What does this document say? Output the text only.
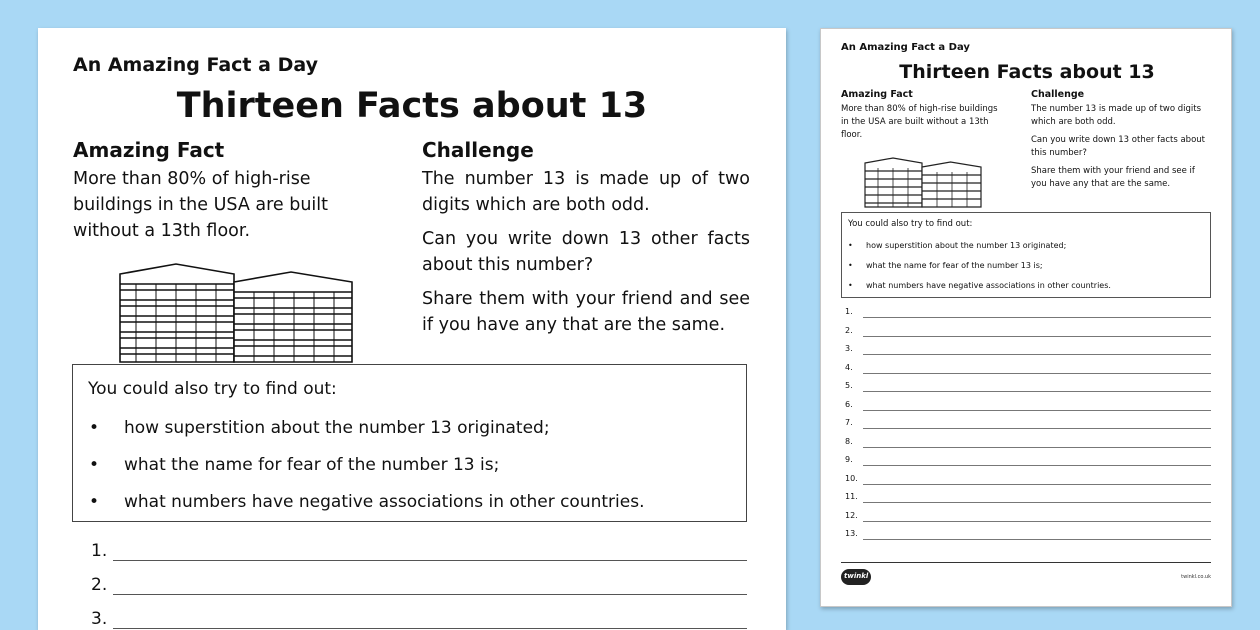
An Amazing Fact a Day
Thirteen Facts about 13
Amazing Fact	Challenge
More than 80% of high-rise buildings in the USA are built without a 13th floor.

The number 13 is made up of two digits which are both odd.

Can you write down 13 other facts about this number?

Share them with your friend and see if you have any that are the same.

You could also try to find out:
• how superstition about the number 13 originated;
• what the name for fear of the number 13 is;
• what numbers have negative associations in other countries.
1.
2.
3.
An Amazing Fact a Day
Thirteen Facts about 13
Amazing Fact	Challenge
More than 80% of high-rise buildings in the USA are built without a 13th floor.

The number 13 is made up of two digits which are both odd.

Can you write down 13 other facts about this number?

Share them with your friend and see if you have any that are the same.

You could also try to find out:
• how superstition about the number 13 originated;
• what the name for fear of the number 13 is;
• what numbers have negative associations in other countries.
1.
2.
3.
4.
5.
6.
7.
8.
9.
10.
11.
12.
13.
twinkl	twinkl.co.uk
